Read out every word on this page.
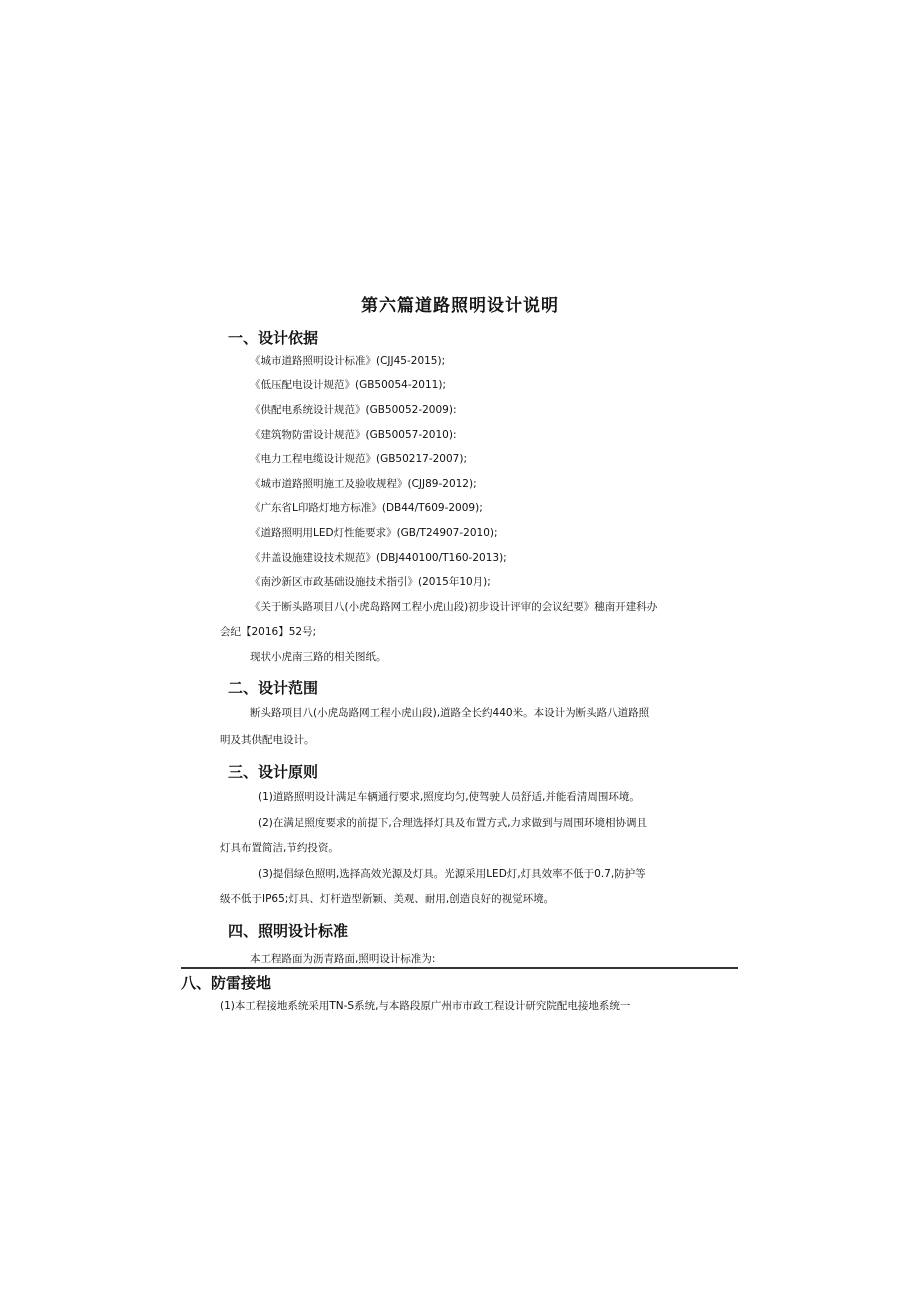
第六篇道路照明设计说明
一、设计依据
《城市道路照明设计标准》(CJJ45-2015);
《低压配电设计规范》(GB50054-2011);
《供配电系统设计规范》(GB50052-2009):
《建筑物防雷设计规范》(GB50057-2010):
《电力工程电缆设计规范》(GB50217-2007);
《城市道路照明施工及验收规程》(CJJ89-2012);
《广东省L印路灯地方标准》(DB44/T609-2009);
《道路照明用LED灯性能要求》(GB/T24907-2010);
《井盖设施建设技术规范》(DBJ440100/T160-2013);
《南沙新区市政基础设施技术指引》(2015年10月);
《关于断头路项目八(小虎岛路网工程小虎山段)初步设计评审的会议纪要》穗南开建科办
会纪【2016】52号;
现状小虎南三路的相关图纸。
二、设计范围
断头路项目八(小虎岛路网工程小虎山段),道路全长约440米。本设计为断头路八道路照
明及其供配电设计。
三、设计原则
(1)道路照明设计满足车辆通行要求,照度均匀,使驾驶人员舒适,并能看清周围环境。
(2)在满足照度要求的前提下,合理选择灯具及布置方式,力求做到与周围环境相协调且
灯具布置简洁,节约投资。
(3)提倡绿色照明,选择高效光源及灯具。光源采用LED灯,灯具效率不低于0.7,防护等
级不低于IP65;灯具、灯杆造型新颖、美观、耐用,创造良好的视觉环境。
四、照明设计标准
本工程路面为沥青路面,照明设计标准为:
八、防雷接地
(1)本工程接地系统采用TN-S系统,与本路段原广州市市政工程设计研究院配电接地系统一
